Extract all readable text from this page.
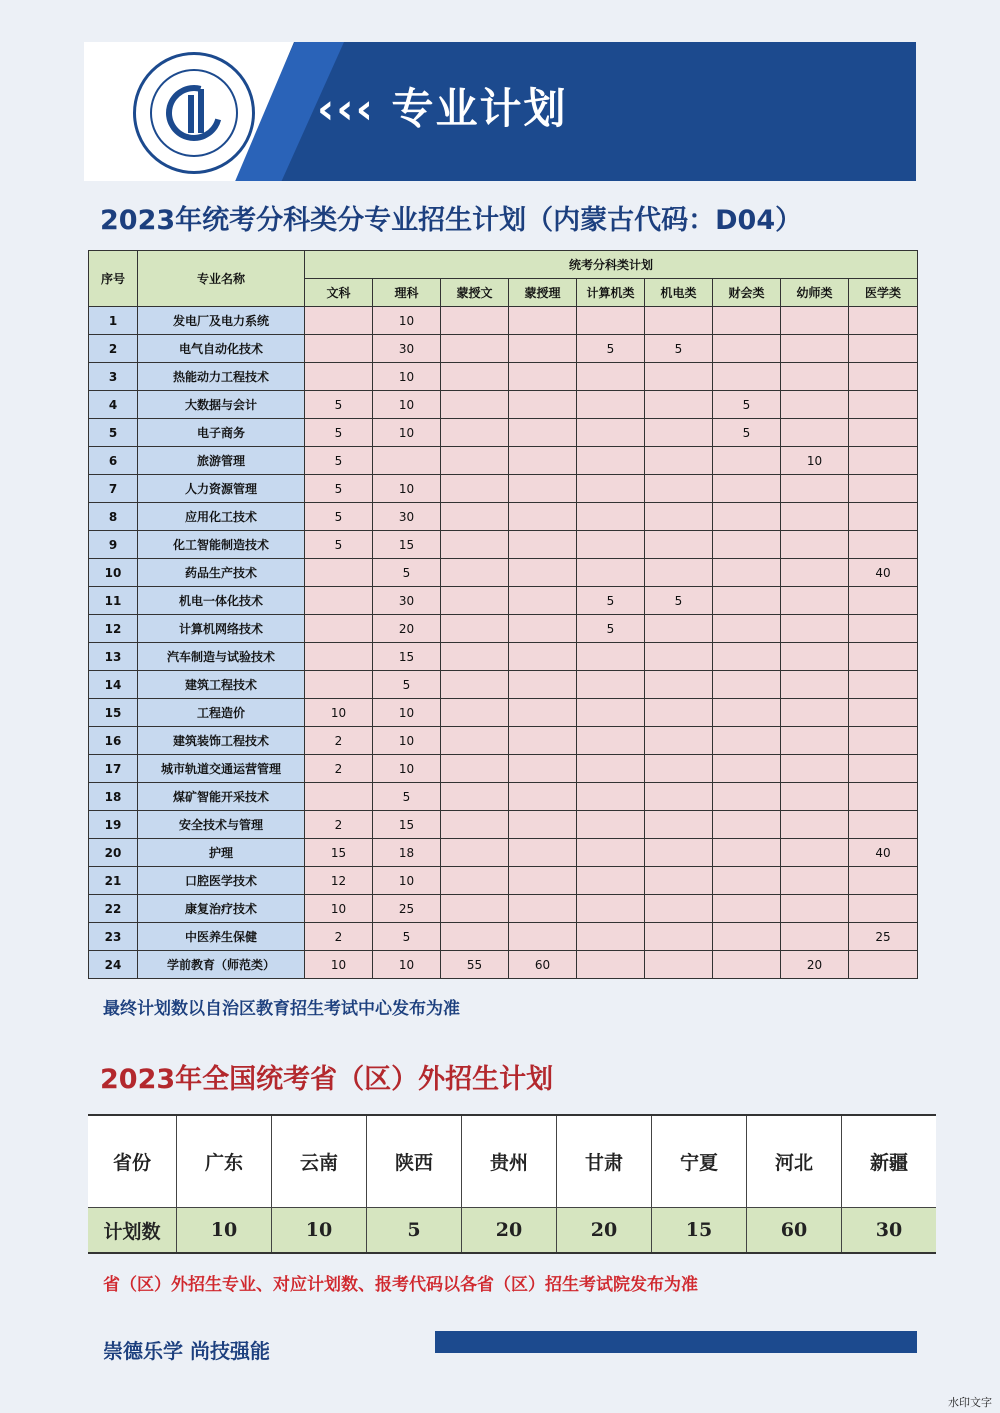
‹‹‹ 专业计划
2023年统考分科类分专业招生计划（内蒙古代码：D04）
序号	专业名称	统考分科类计划								
		文科	理科	蒙授文	蒙授理	计算机类	机电类	财会类	幼师类	医学类
1	发电厂及电力系统		10							
2	电气自动化技术		30			5	5			
3	热能动力工程技术		10							
4	大数据与会计	5	10					5		
5	电子商务	5	10					5		
6	旅游管理	5							10	
7	人力资源管理	5	10							
8	应用化工技术	5	30							
9	化工智能制造技术	5	15							
10	药品生产技术		5							40
11	机电一体化技术		30			5	5			
12	计算机网络技术		20			5				
13	汽车制造与试验技术		15							
14	建筑工程技术		5							
15	工程造价	10	10							
16	建筑装饰工程技术	2	10							
17	城市轨道交通运营管理	2	10							
18	煤矿智能开采技术		5							
19	安全技术与管理	2	15							
20	护理	15	18							40
21	口腔医学技术	12	10							
22	康复治疗技术	10	25							
23	中医养生保健	2	5							25
24	学前教育（师范类）	10	10	55	60				20	
最终计划数以自治区教育招生考试中心发布为准
2023年全国统考省（区）外招生计划
省份	广东	云南	陕西	贵州	甘肃	宁夏	河北	新疆
计划数	10	10	5	20	20	15	60	30
省（区）外招生专业、对应计划数、报考代码以各省（区）招生考试院发布为准
崇德乐学 尚技强能
水印文字
